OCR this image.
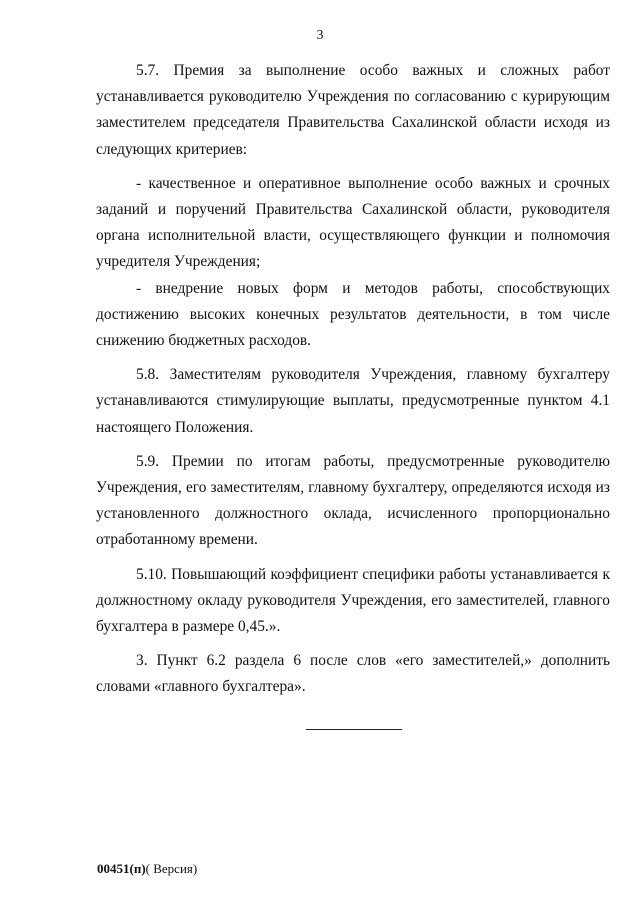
3

5.7. Премия за выполнение особо важных и сложных работ устанавливается руководителю Учреждения по согласованию с курирующим заместителем председателя Правительства Сахалинской области исходя из следующих критериев:

- качественное и оперативное выполнение особо важных и срочных заданий и поручений Правительства Сахалинской области, руководителя органа исполнительной власти, осуществляющего функции и полномочия учредителя Учреждения;

- внедрение новых форм и методов работы, способствующих достижению высоких конечных результатов деятельности, в том числе снижению бюджетных расходов.

5.8. Заместителям руководителя Учреждения, главному бухгалтеру устанавливаются стимулирующие выплаты, предусмотренные пунктом 4.1 настоящего Положения.

5.9. Премии по итогам работы, предусмотренные руководителю Учреждения, его заместителям, главному бухгалтеру, определяются исходя из установленного должностного оклада, исчисленного пропорционально отработанному времени.

5.10. Повышающий коэффициент специфики работы устанавливается к должностному окладу руководителя Учреждения, его заместителей, главного бухгалтера в размере 0,45.».

3. Пункт 6.2 раздела 6 после слов «его заместителей,» дополнить словами «главного бухгалтера».

00451(п)( Версия)
